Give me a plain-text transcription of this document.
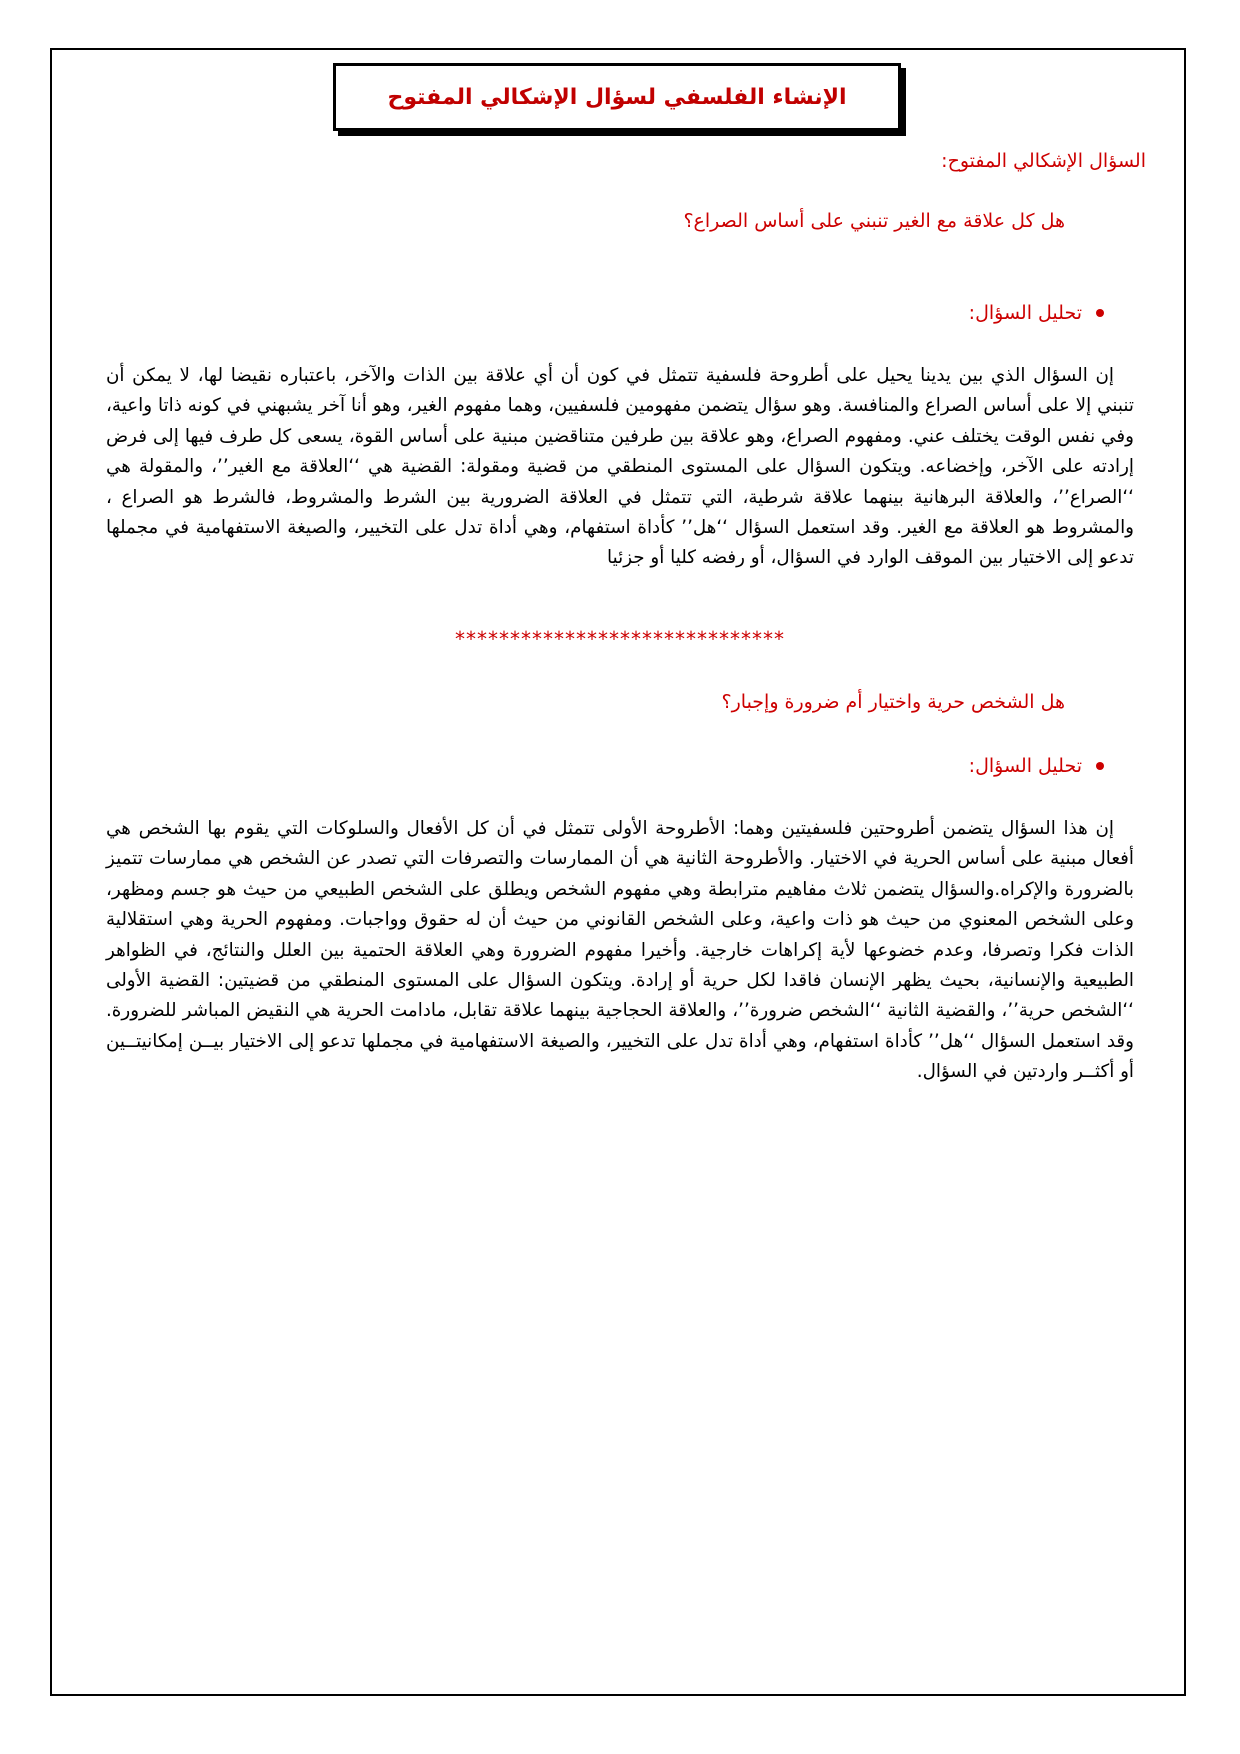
الإنشاء الفلسفي لسؤال الإشكالي المفتوح

السؤال الإشكالي المفتوح:

هل كل علاقة مع الغير تنبني على أساس الصراع؟

تحليل السؤال:

إن السؤال الذي بين يدينا يحيل على أطروحة فلسفية تتمثل في كون أن أي علاقة بين الذات والآخر، باعتباره نقيضا لها، لا يمكن أن تنبني إلا على أساس الصراع والمنافسة. وهو سؤال يتضمن مفهومين فلسفيين، وهما مفهوم الغير، وهو أنا آخر يشبهني في كونه ذاتا واعية، وفي نفس الوقت يختلف عني. ومفهوم الصراع، وهو علاقة بين طرفين متناقضين مبنية على أساس القوة، يسعى كل طرف فيها إلى فرض إرادته على الآخر، وإخضاعه. ويتكون السؤال على المستوى المنطقي من قضية ومقولة: القضية هي ‘‘العلاقة مع الغير’’، والمقولة هي ‘‘الصراع’’، والعلاقة البرهانية بينهما علاقة شرطية، التي تتمثل في العلاقة الضرورية بين الشرط والمشروط، فالشرط هو الصراع ، والمشروط هو العلاقة مع الغير. وقد استعمل السؤال ‘‘هل’’ كأداة استفهام، وهي أداة تدل على التخيير، والصيغة الاستفهامية في مجملها تدعو إلى الاختيار بين الموقف الوارد في السؤال، أو رفضه كليا أو جزئيا

******************************

هل الشخص حرية واختيار أم ضرورة وإجبار؟

تحليل السؤال:

إن هذا السؤال يتضمن أطروحتين فلسفيتين وهما: الأطروحة الأولى تتمثل في أن كل الأفعال والسلوكات التي يقوم بها الشخص هي أفعال مبنية على أساس الحرية في الاختيار. والأطروحة الثانية هي أن الممارسات والتصرفات التي تصدر عن الشخص هي ممارسات تتميز بالضرورة والإكراه.والسؤال يتضمن ثلاث مفاهيم مترابطة وهي مفهوم الشخص ويطلق على الشخص الطبيعي من حيث هو جسم ومظهر، وعلى الشخص المعنوي من حيث هو ذات واعية، وعلى الشخص القانوني من حيث أن له حقوق وواجبات. ومفهوم الحرية وهي استقلالية الذات فكرا وتصرفا، وعدم خضوعها لأية إكراهات خارجية. وأخيرا مفهوم الضرورة وهي العلاقة الحتمية بين العلل والنتائج، في الظواهر الطبيعية والإنسانية، بحيث يظهر الإنسان فاقدا لكل حرية أو إرادة. ويتكون السؤال على المستوى المنطقي من قضيتين: القضية الأولى ‘‘الشخص حرية’’، والقضية الثانية ‘‘الشخص ضرورة’’، والعلاقة الحجاجية بينهما علاقة تقابل، مادامت الحرية هي النقيض المباشر للضرورة. وقد استعمل السؤال ‘‘هل’’ كأداة استفهام، وهي أداة تدل على التخيير، والصيغة الاستفهامية في مجملها تدعو إلى الاختيار بيــن إمكانيتــين أو أكثــر واردتين في السؤال.
